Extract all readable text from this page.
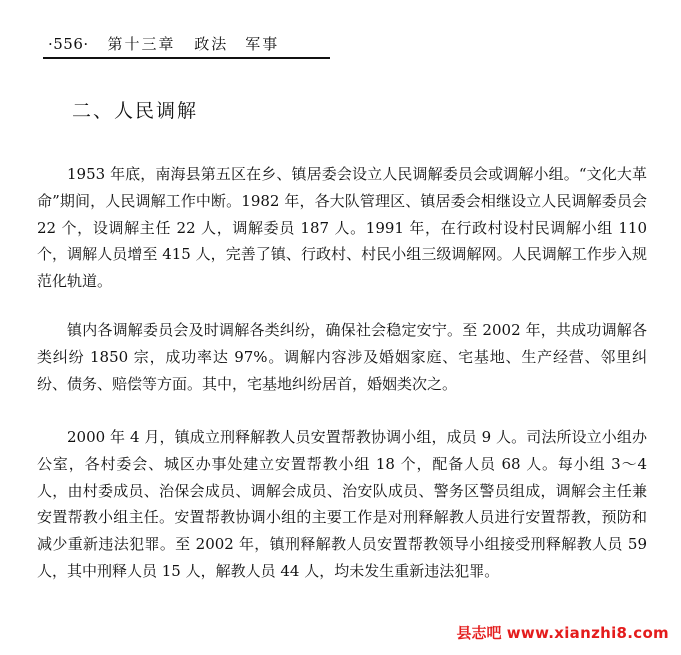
·556· 第十三章 政法　军事
二、人民调解

1953 年底，南海县第五区在乡、镇居委会设立人民调解委员会或调解小组。“文化大革命”期间，人民调解工作中断。1982 年，各大队管理区、镇居委会相继设立人民调解委员会 22 个，设调解主任 22 人，调解委员 187 人。1991 年，在行政村设村民调解小组 110 个，调解人员增至 415 人，完善了镇、行政村、村民小组三级调解网。人民调解工作步入规范化轨道。

镇内各调解委员会及时调解各类纠纷，确保社会稳定安宁。至 2002 年，共成功调解各类纠纷 1850 宗，成功率达 97%。调解内容涉及婚姻家庭、宅基地、生产经营、邻里纠纷、债务、赔偿等方面。其中，宅基地纠纷居首，婚姻类次之。

2000 年 4 月，镇成立刑释解教人员安置帮教协调小组，成员 9 人。司法所设立小组办公室，各村委会、城区办事处建立安置帮教小组 18 个，配备人员 68 人。每小组 3～4 人，由村委成员、治保会成员、调解会成员、治安队成员、警务区警员组成，调解会主任兼安置帮教小组主任。安置帮教协调小组的主要工作是对刑释解教人员进行安置帮教，预防和减少重新违法犯罪。至 2002 年，镇刑释解教人员安置帮教领导小组接受刑释解教人员 59 人，其中刑释人员 15 人，解教人员 44 人，均未发生重新违法犯罪。

县志吧 www.xianzhi8.com
